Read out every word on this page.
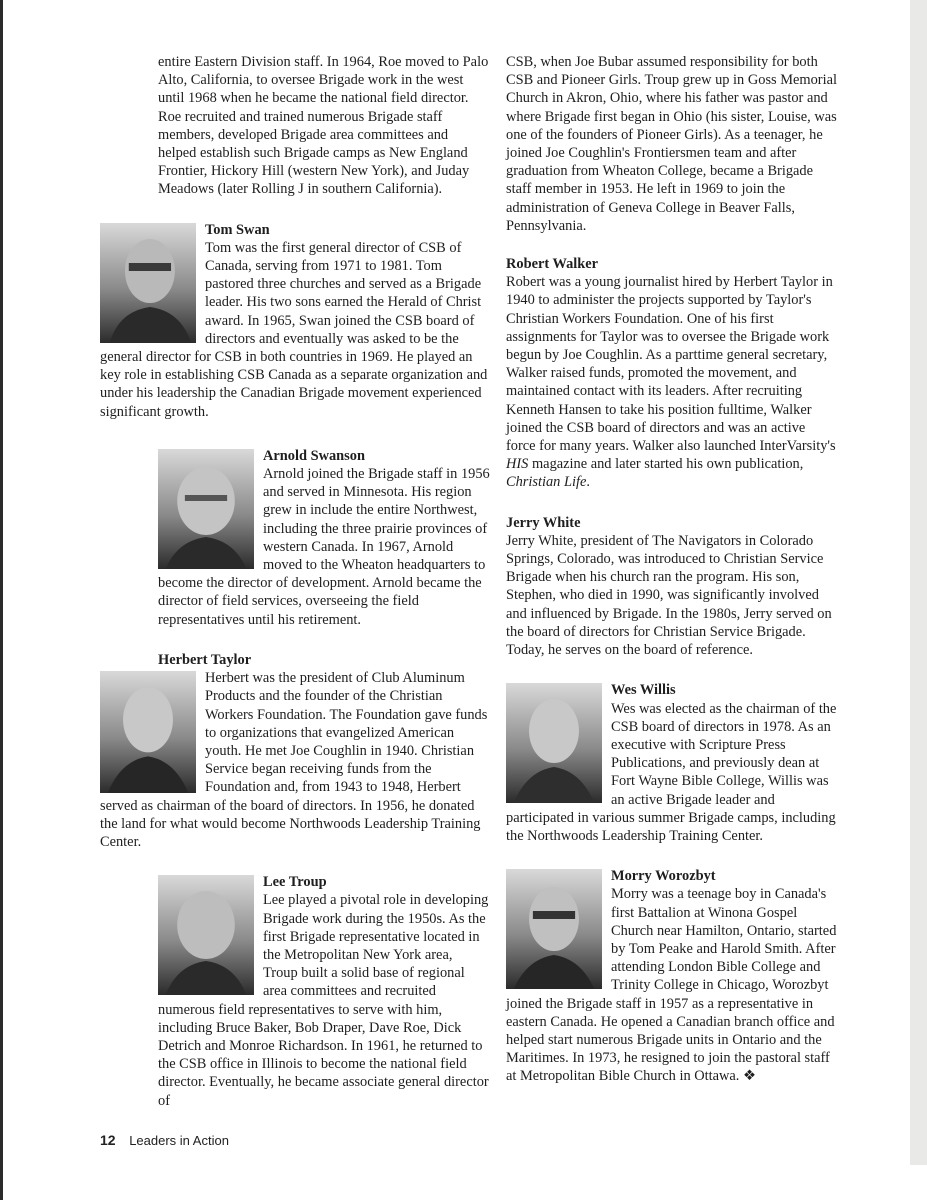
entire Eastern Division staff. In 1964, Roe moved to Palo Alto, California, to oversee Brigade work in the west until 1968 when he became the national field director. Roe recruited and trained numerous Brigade staff members, developed Brigade area committees and helped establish such Brigade camps as New England Frontier, Hickory Hill (western New York), and Juday Meadows (later Rolling J in southern California).

Tom Swan

Tom was the first general director of CSB of Canada, serving from 1971 to 1981. Tom pastored three churches and served as a Brigade leader. His two sons earned the Herald of Christ award. In 1965, Swan joined the CSB board of directors and eventually was asked to be the general director for CSB in both countries in 1969. He played an key role in establishing CSB Canada as a separate organization and under his leadership the Canadian Brigade movement experienced significant growth.

Arnold Swanson

Arnold joined the Brigade staff in 1956 and served in Minnesota. His region grew in include the entire Northwest, including the three prairie provinces of western Canada. In 1967, Arnold moved to the Wheaton headquarters to become the director of development. Arnold became the director of field services, overseeing the field representatives until his retirement.

Herbert Taylor

Herbert was the president of Club Aluminum Products and the founder of the Christian Workers Foundation. The Foundation gave funds to organizations that evangelized American youth. He met Joe Coughlin in 1940. Christian Service began receiving funds from the Foundation and, from 1943 to 1948, Herbert served as chairman of the board of directors. In 1956, he donated the land for what would become Northwoods Leadership Training Center.

Lee Troup

Lee played a pivotal role in developing Brigade work during the 1950s. As the first Brigade representative located in the Metropolitan New York area, Troup built a solid base of regional area committees and recruited numerous field representatives to serve with him, including Bruce Baker, Bob Draper, Dave Roe, Dick Detrich and Monroe Richardson. In 1961, he returned to the CSB office in Illinois to become the national field director. Eventually, he became associate general director of

CSB, when Joe Bubar assumed responsibility for both CSB and Pioneer Girls. Troup grew up in Goss Memorial Church in Akron, Ohio, where his father was pastor and where Brigade first began in Ohio (his sister, Louise, was one of the founders of Pioneer Girls). As a teenager, he joined Joe Coughlin's Frontiersmen team and after graduation from Wheaton College, became a Brigade staff member in 1953. He left in 1969 to join the administration of Geneva College in Beaver Falls, Pennsylvania.

Robert Walker

Robert was a young journalist hired by Herbert Taylor in 1940 to administer the projects supported by Taylor's Christian Workers Foundation. One of his first assignments for Taylor was to oversee the Brigade work begun by Joe Coughlin. As a parttime general secretary, Walker raised funds, promoted the movement, and maintained contact with its leaders. After recruiting Kenneth Hansen to take his position fulltime, Walker joined the CSB board of directors and was an active force for many years. Walker also launched InterVarsity's HIS magazine and later started his own publication, Christian Life.

Jerry White

Jerry White, president of The Navigators in Colorado Springs, Colorado, was introduced to Christian Service Brigade when his church ran the program. His son, Stephen, who died in 1990, was significantly involved and influenced by Brigade. In the 1980s, Jerry served on the board of directors for Christian Service Brigade. Today, he serves on the board of reference.

Wes Willis

Wes was elected as the chairman of the CSB board of directors in 1978. As an executive with Scripture Press Publications, and previously dean at Fort Wayne Bible College, Willis was an active Brigade leader and participated in various summer Brigade camps, including the Northwoods Leadership Training Center.

Morry Worozbyt

Morry was a teenage boy in Canada's first Battalion at Winona Gospel Church near Hamilton, Ontario, started by Tom Peake and Harold Smith. After attending London Bible College and Trinity College in Chicago, Worozbyt joined the Brigade staff in 1957 as a representative in eastern Canada. He opened a Canadian branch office and helped start numerous Brigade units in Ontario and the Maritimes. In 1973, he resigned to join the pastoral staff at Metropolitan Bible Church in Ottawa. ❖

12 Leaders in Action
